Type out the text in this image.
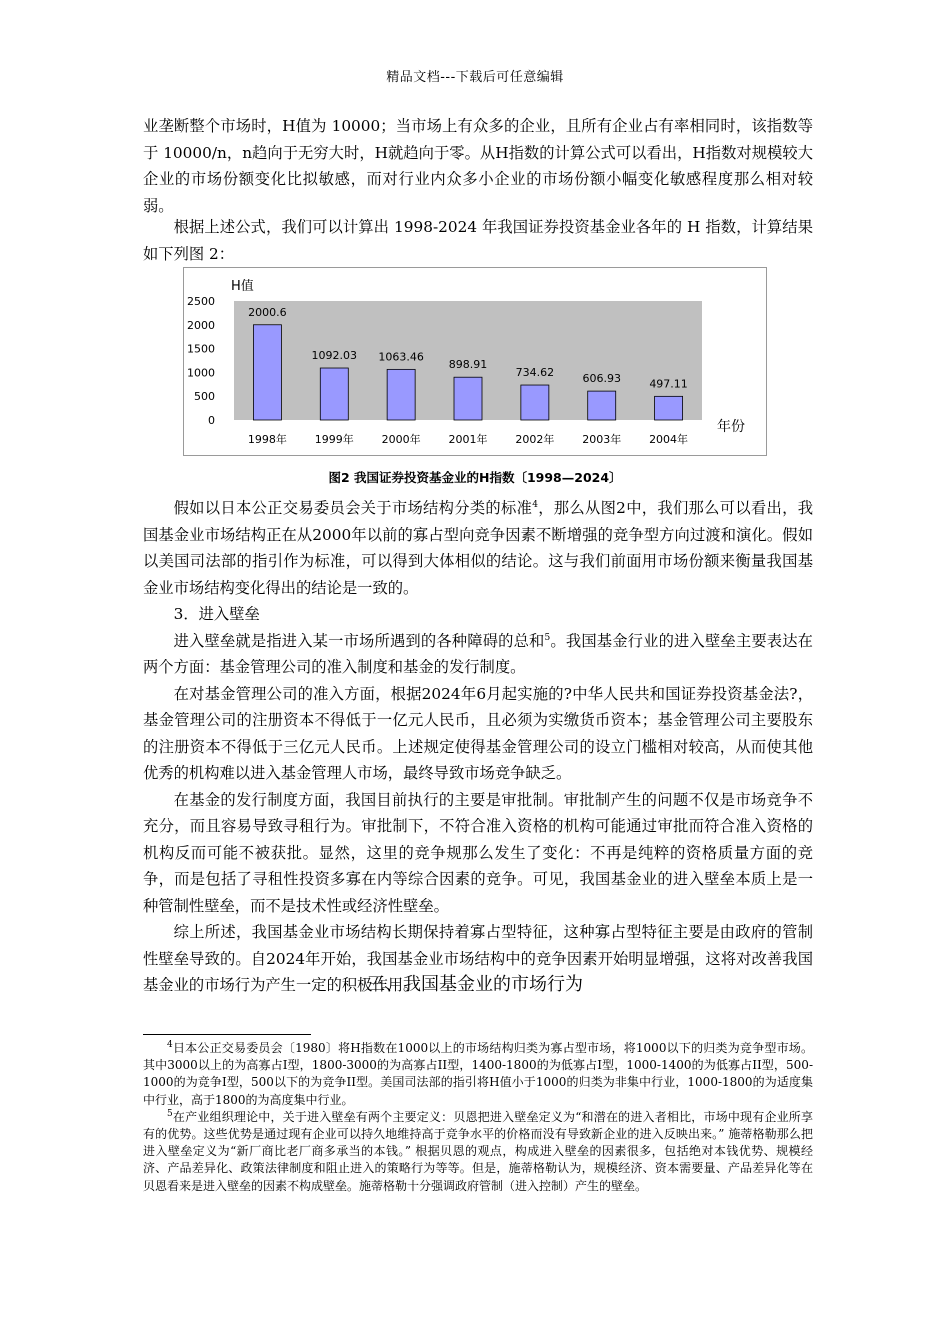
精品文档---下载后可任意编辑

业垄断整个市场时，H值为 10000；当市场上有众多的企业，且所有企业占有率相同时，该指数等于 10000/n，n趋向于无穷大时，H就趋向于零。从H指数的计算公式可以看出，H指数对规模较大企业的市场份额变化比拟敏感，而对行业内众多小企业的市场份额小幅变化敏感程度那么相对较弱。

根据上述公式，我们可以计算出 1998-2024 年我国证券投资基金业各年的 H 指数，计算结果如下列图 2：

2000.6
1092.03 1063.46
898.91
734.62	606.93	497.11
2500
2000
1500
1000
500
0
1998年	1999年	2000年	2001年	2002年	2003年	2004年
H值
年份
图2 我国证券投资基金业的H指数〔1998—2024〕

假如以日本公正交易委员会关于市场结构分类的标准$^4$，那么从图2中，我们那么可以看出，我国基金业市场结构正在从2000年以前的寡占型向竞争因素不断增强的竞争型方向过渡和演化。假如以美国司法部的指引作为标准，可以得到大体相似的结论。这与我们前面用市场份额来衡量我国基金业市场结构变化得出的结论是一致的。

3．进入壁垒

进入壁垒就是指进入某一市场所遇到的各种障碍的总和$^5$。我国基金行业的进入壁垒主要表达在两个方面：基金管理公司的准入制度和基金的发行制度。

在对基金管理公司的准入方面，根据2024年6月起实施的?中华人民共和国证券投资基金法?，基金管理公司的注册资本不得低于一亿元人民币，且必须为实缴货币资本；基金管理公司主要股东的注册资本不得低于三亿元人民币。上述规定使得基金管理公司的设立门槛相对较高，从而使其他优秀的机构难以进入基金管理人市场，最终导致市场竞争缺乏。

在基金的发行制度方面，我国目前执行的主要是审批制。审批制产生的问题不仅是市场竞争不充分，而且容易导致寻租行为。审批制下，不符合准入资格的机构可能通过审批而符合准入资格的机构反而可能不被获批。显然，这里的竞争规那么发生了变化：不再是纯粹的资格质量方面的竞争，而是包括了寻租性投资多寡在内等综合因素的竞争。可见，我国基金业的进入壁垒本质上是一种管制性壁垒，而不是技术性或经济性壁垒。

综上所述，我国基金业市场结构长期保持着寡占型特征，这种寡占型特征主要是由政府的管制性壁垒导致的。自2024年开始，我国基金业市场结构中的竞争因素开始明显增强，这将对改善我国基金业的市场行为产生一定的积极作用。

三、我国基金业的市场行为

$^4$日本公正交易委员会〔1980〕将H指数在1000以上的市场结构归类为寡占型市场，将1000以下的归类为竞争型市场。其中3000以上的为高寡占I型，1800-3000的为高寡占II型，1400-1800的为低寡占I型，1000-1400的为低寡占II型，500-1000的为竞争I型，500以下的为竞争II型。美国司法部的指引将H值小于1000的归类为非集中行业，1000-1800的为适度集中行业，高于1800的为高度集中行业。

$^5$在产业组织理论中，关于进入壁垒有两个主要定义：贝恩把进入壁垒定义为“和潜在的进入者相比，市场中现有企业所享有的优势。这些优势是通过现有企业可以持久地维持高于竞争水平的价格而没有导致新企业的进入反映出来。” 施蒂格勒那么把进入壁垒定义为“新厂商比老厂商多承当的本钱。” 根据贝恩的观点，构成进入壁垒的因素很多，包括绝对本钱优势、规模经济、产品差异化、政策法律制度和阻止进入的策略行为等等。但是，施蒂格勒认为，规模经济、资本需要量、产品差异化等在贝恩看来是进入壁垒的因素不构成壁垒。施蒂格勒十分强调政府管制（进入控制）产生的壁垒。
